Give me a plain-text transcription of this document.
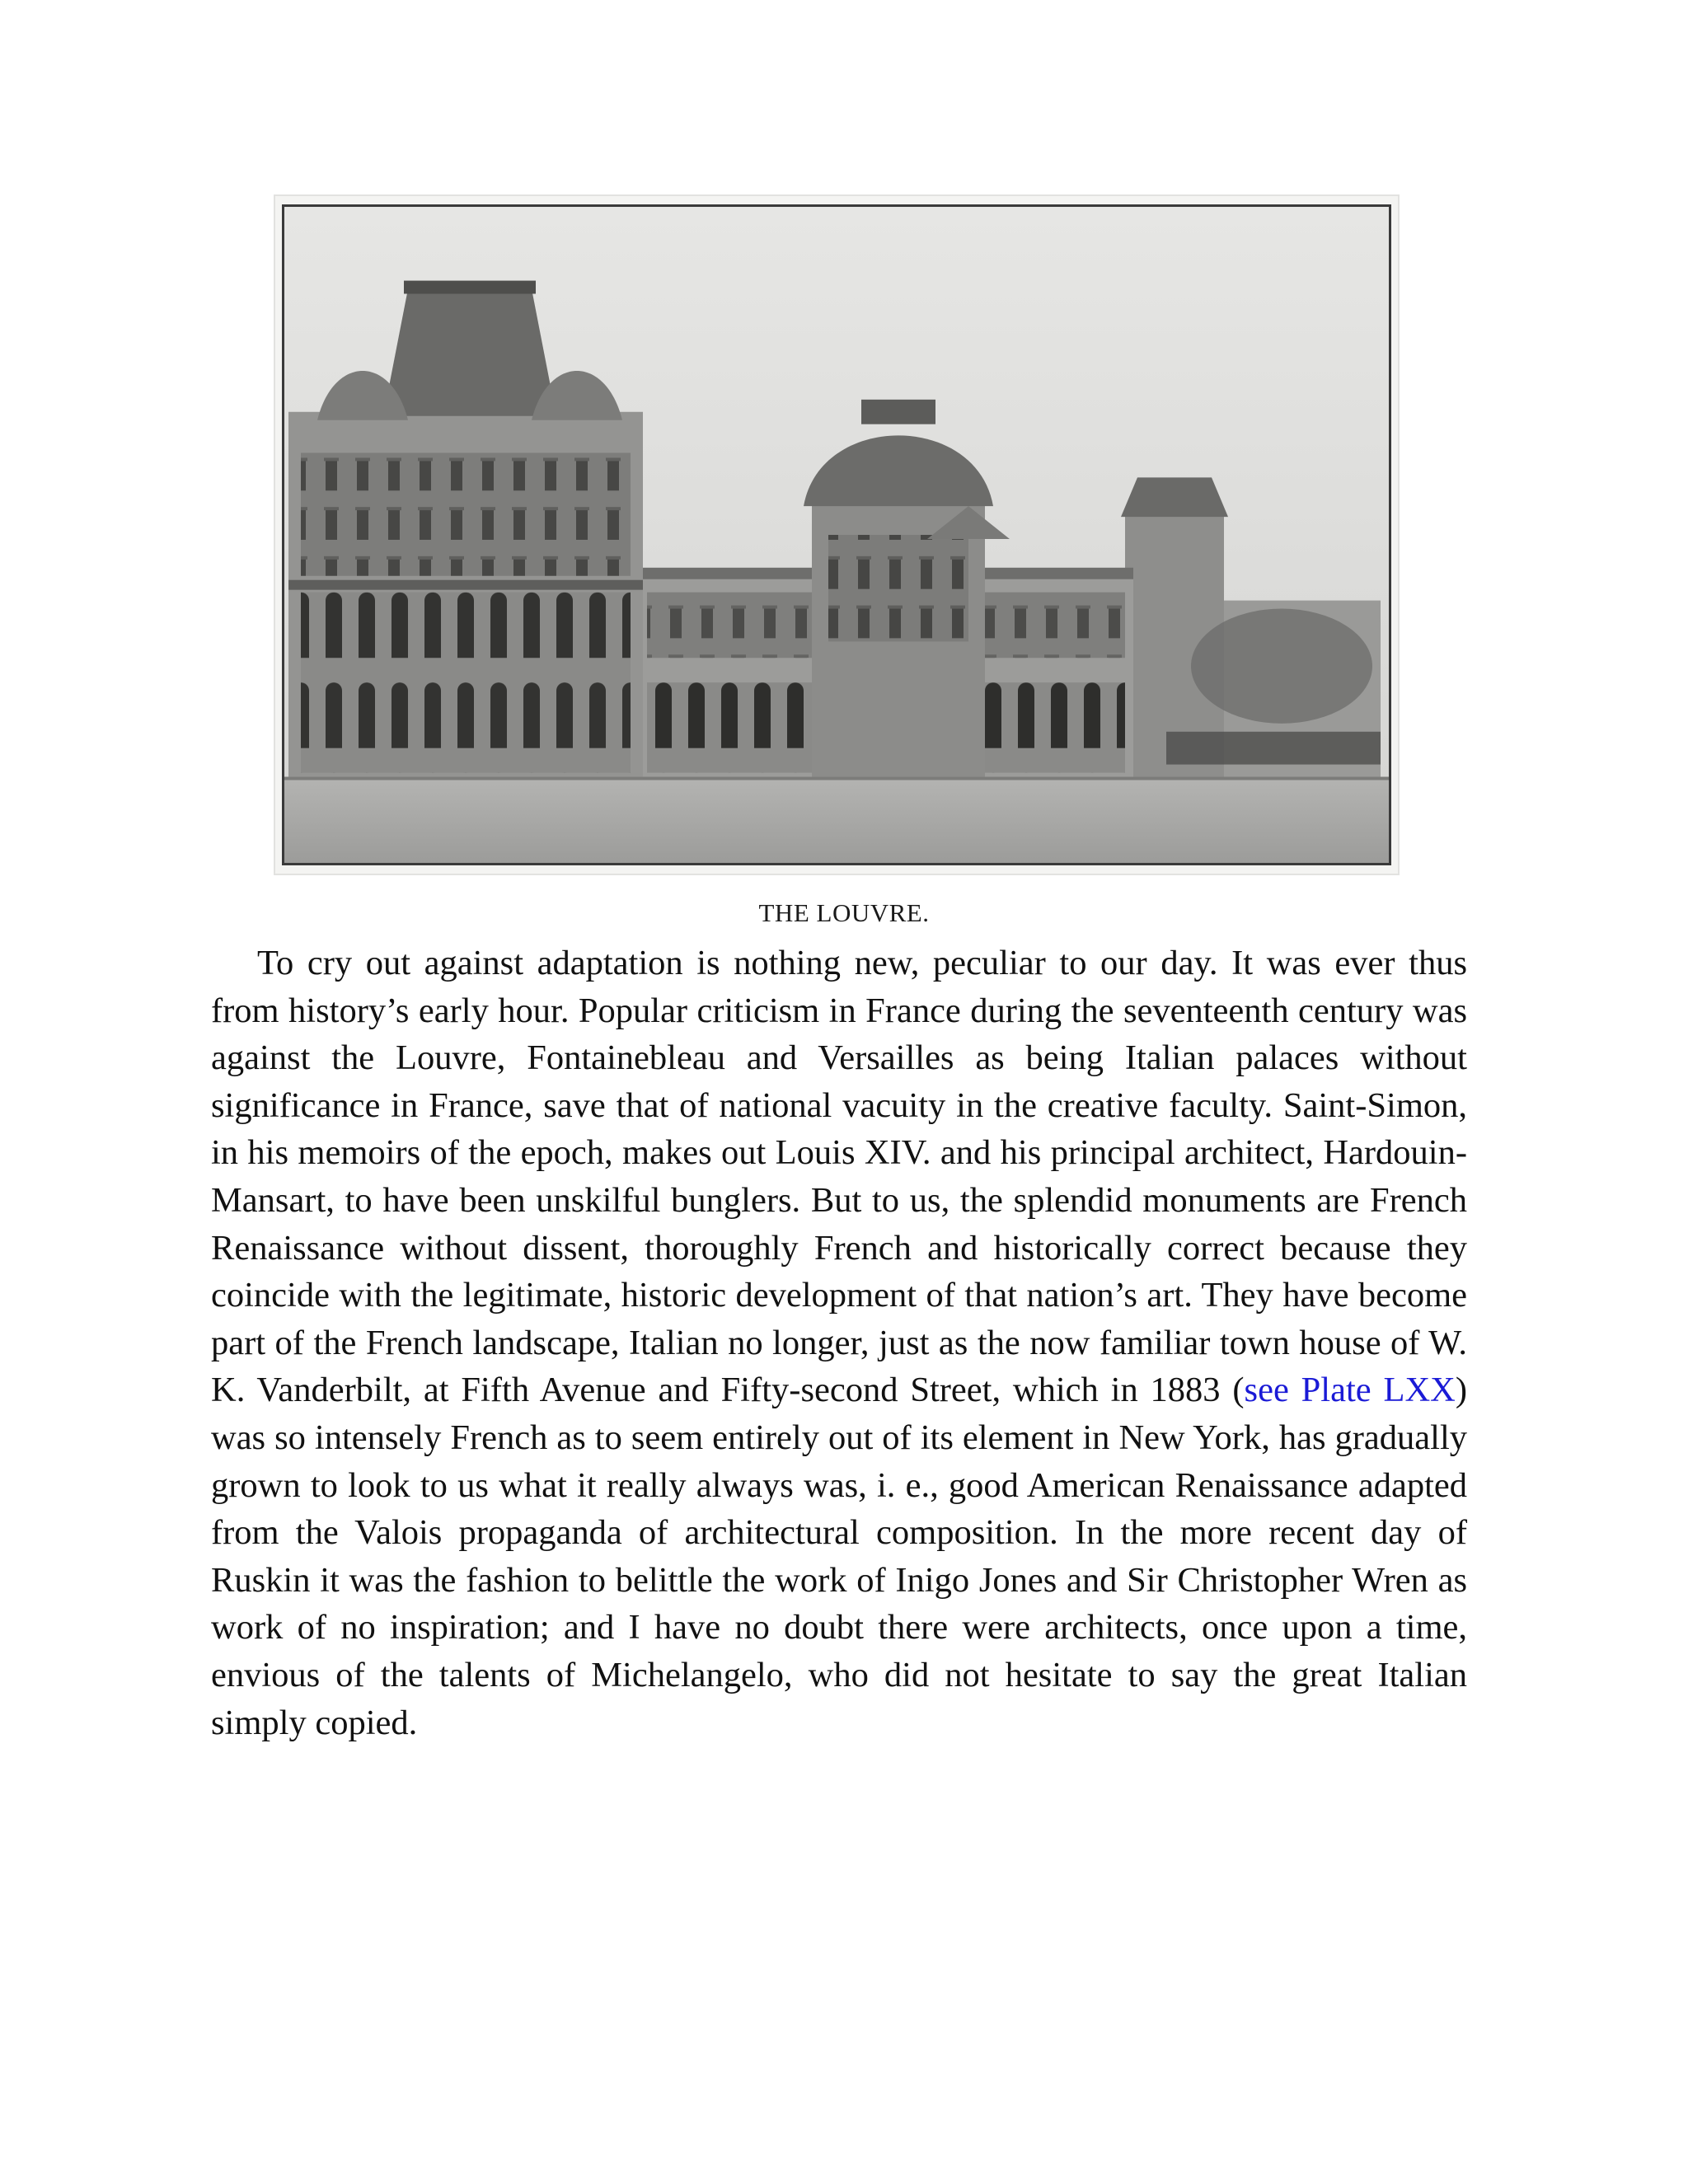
THE LOUVRE.

To cry out against adaptation is nothing new, peculiar to our day. It was ever thus from history’s early hour. Popular criticism in France during the seventeenth century was against the Louvre, Fontainebleau and Versailles as being Italian palaces without significance in France, save that of national vacuity in the creative faculty. Saint-Simon, in his memoirs of the epoch, makes out Louis XIV. and his principal architect, Hardouin-Mansart, to have been unskilful bunglers. But to us, the splendid monuments are French Renaissance without dissent, thoroughly French and historically correct because they coincide with the legitimate, historic development of that nation’s art. They have become part of the French landscape, Italian no longer, just as the now familiar town house of W. K. Vanderbilt, at Fifth Avenue and Fifty-second Street, which in 1883 (see Plate LXX) was so intensely French as to seem entirely out of its element in New York, has gradually grown to look to us what it really always was, i. e., good American Renaissance adapted from the Valois propaganda of architectural composition. In the more recent day of Ruskin it was the fashion to belittle the work of Inigo Jones and Sir Christopher Wren as work of no inspiration; and I have no doubt there were architects, once upon a time, envious of the talents of Michelangelo, who did not hesitate to say the great Italian simply copied.
